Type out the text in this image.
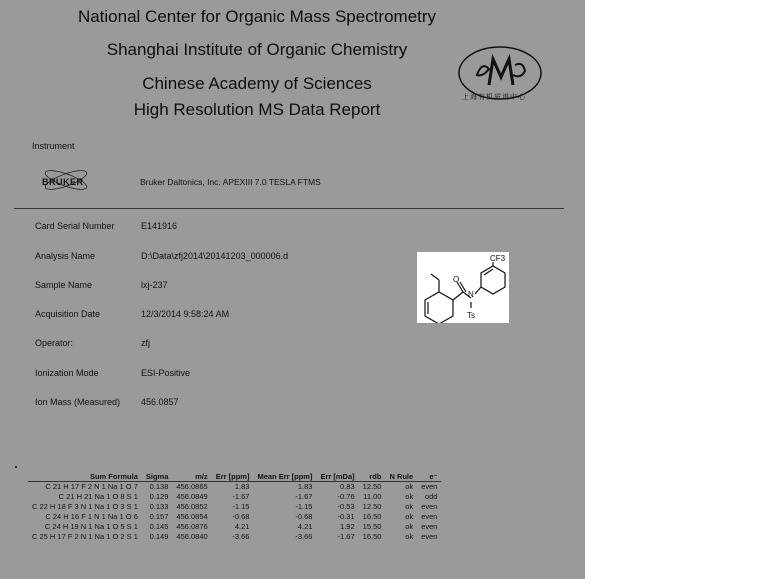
National Center for Organic Mass Spectrometry
Shanghai Institute of Organic Chemistry
Chinese Academy of Sciences
High Resolution MS Data Report
上海有机质谱中心
Instrument
BRUKER	Bruker Daltonics, Inc. APEXIII 7.0 TESLA FTMS
Card Serial Number	E141916
Analysis Name	D:\Data\zfj2014\20141203_000006.d
Sample Name	lxj-237
Acquisition Date	12/3/2014 9:58:24 AM
Operator:	zfj
Ionization Mode	ESI-Positive
Ion Mass (Measured) 456.0857
O
N
Ts
CF3
Sum Formula	Sigma	m/z	Err [ppm]	Mean Err [ppm]	Err [mDa]	rdb	N Rule	e⁻
C 21 H 17 F 2 N 1 Na 1 O 7	0.138	456.0865	1.83	1.83	0.83	12.50	ok	even
C 21 H 21 Na 1 O 8 S 1	0.129	456.0849	-1.67	-1.67	-0.76	11.00	ok	odd
C 22 H 18 F 3 N 1 Na 1 O 3 S 1	0.133	456.0852	-1.15	-1.15	-0.53	12.50	ok	even
C 24 H 16 F 1 N 1 Na 1 O 6	0.157	456.0854	-0.68	-0.68	-0.31	16.50	ok	even
C 24 H 19 N 1 Na 1 O 5 S 1	0.145	456.0876	4.21	4.21	1.92	15.50	ok	even
C 25 H 17 F 2 N 1 Na 1 O 2 S 1	0.149	456.0840	-3.66	-3.66	-1.67	16.50	ok	even
